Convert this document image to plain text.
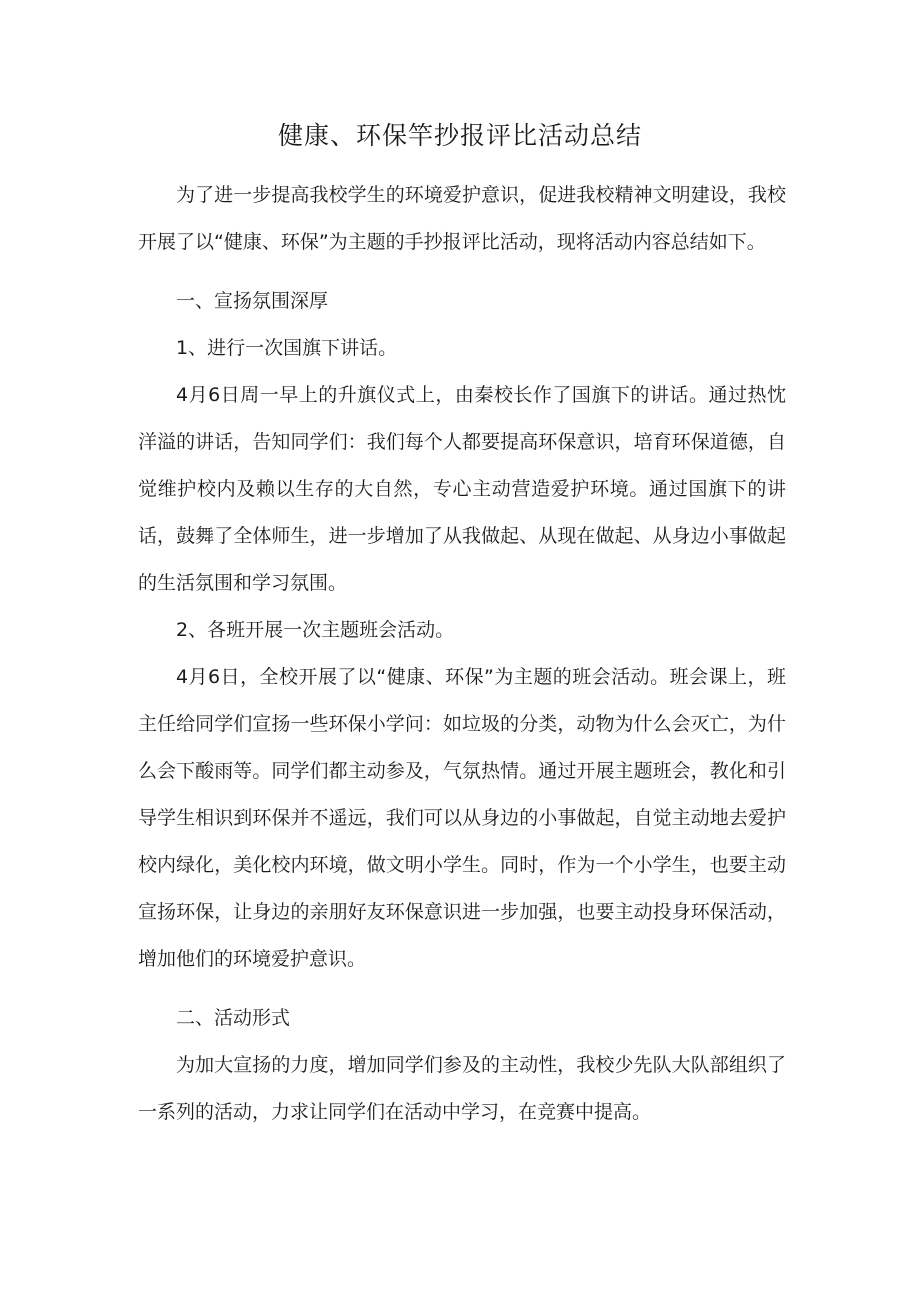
健康、环保竿抄报评比活动总结

为了进一步提高我校学生的环境爱护意识，促进我校精神文明建设，我校开展了以“健康、环保”为主题的手抄报评比活动，现将活动内容总结如下。

一、宣扬氛围深厚

1、进行一次国旗下讲话。

4月6日周一早上的升旗仪式上，由秦校长作了国旗下的讲话。通过热忱洋溢的讲话，告知同学们：我们每个人都要提高环保意识，培育环保道德，自觉维护校内及赖以生存的大自然，专心主动营造爱护环境。通过国旗下的讲话，鼓舞了全体师生，进一步增加了从我做起、从现在做起、从身边小事做起的生活氛围和学习氛围。

2、各班开展一次主题班会活动。

4月6日，全校开展了以“健康、环保”为主题的班会活动。班会课上，班主任给同学们宣扬一些环保小学问：如垃圾的分类，动物为什么会灭亡，为什么会下酸雨等。同学们都主动参及，气氛热情。通过开展主题班会，教化和引导学生相识到环保并不遥远，我们可以从身边的小事做起，自觉主动地去爱护校内绿化，美化校内环境，做文明小学生。同时，作为一个小学生，也要主动宣扬环保，让身边的亲朋好友环保意识进一步加强，也要主动投身环保活动，增加他们的环境爱护意识。

二、活动形式

为加大宣扬的力度，增加同学们参及的主动性，我校少先队大队部组织了一系列的活动，力求让同学们在活动中学习，在竞赛中提高。
